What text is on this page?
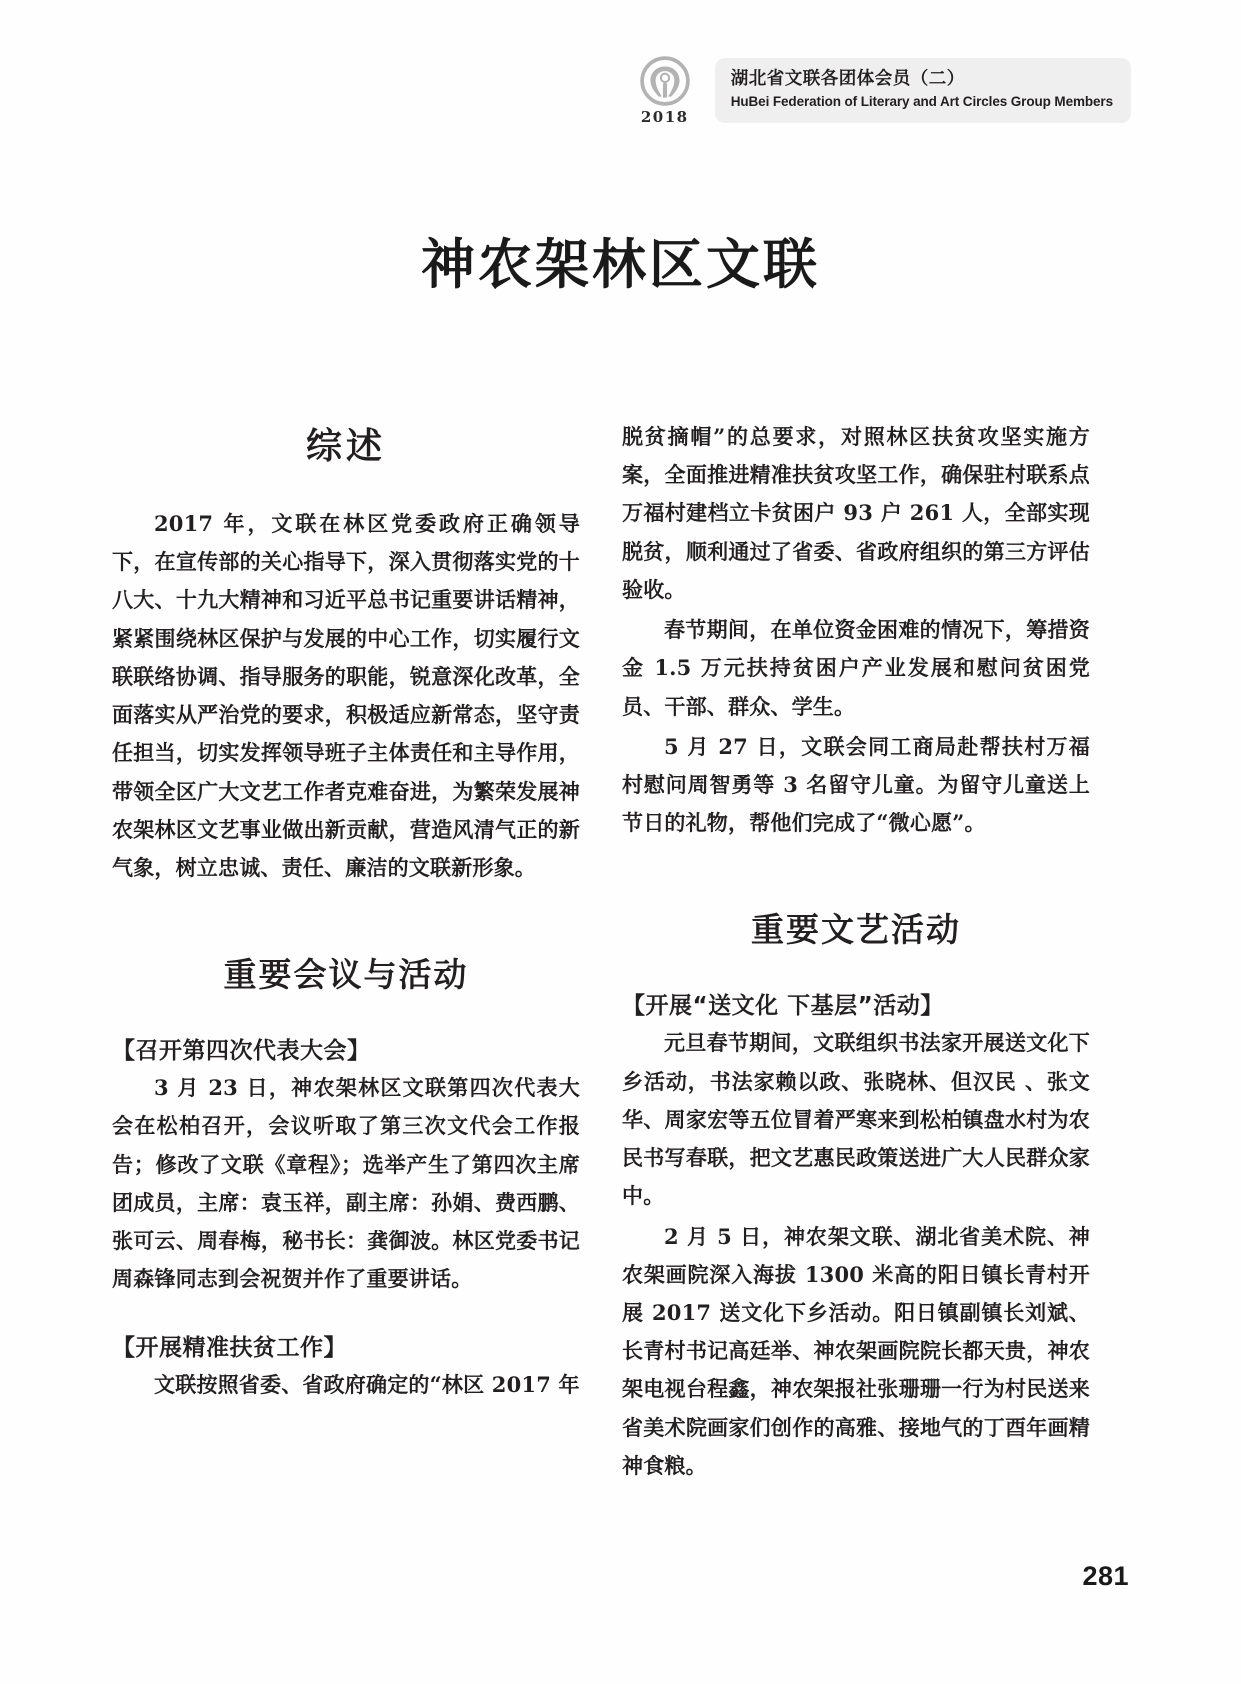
2018
湖北省文联各团体会员（二）
HuBei Federation of Literary and Art Circles Group Members
神农架林区文联
综述

2017 年，文联在林区党委政府正确领导下，在宣传部的关心指导下，深入贯彻落实党的十八大、十九大精神和习近平总书记重要讲话精神，紧紧围绕林区保护与发展的中心工作，切实履行文联联络协调、指导服务的职能，锐意深化改革，全面落实从严治党的要求，积极适应新常态，坚守责任担当，切实发挥领导班子主体责任和主导作用，带领全区广大文艺工作者克难奋进，为繁荣发展神农架林区文艺事业做出新贡献，营造风清气正的新气象，树立忠诚、责任、廉洁的文联新形象。

重要会议与活动
【召开第四次代表大会】

3 月 23 日，神农架林区文联第四次代表大会在松柏召开，会议听取了第三次文代会工作报告；修改了文联《章程》；选举产生了第四次主席团成员，主席：袁玉祥，副主席：孙娟、费西鹏、张可云、周春梅，秘书长：龚御波。林区党委书记周森锋同志到会祝贺并作了重要讲话。

【开展精准扶贫工作】

文联按照省委、省政府确定的“林区 2017 年

脱贫摘帽”的总要求，对照林区扶贫攻坚实施方案，全面推进精准扶贫攻坚工作，确保驻村联系点万福村建档立卡贫困户 93 户 261 人，全部实现脱贫，顺利通过了省委、省政府组织的第三方评估验收。

春节期间，在单位资金困难的情况下，筹措资金 1.5 万元扶持贫困户产业发展和慰问贫困党员、干部、群众、学生。

5 月 27 日，文联会同工商局赴帮扶村万福村慰问周智勇等 3 名留守儿童。为留守儿童送上节日的礼物，帮他们完成了“微心愿”。

重要文艺活动
【开展“送文化 下基层”活动】

元旦春节期间，文联组织书法家开展送文化下乡活动，书法家赖以政、张晓林、但汉民 、张文华、周家宏等五位冒着严寒来到松柏镇盘水村为农民书写春联，把文艺惠民政策送进广大人民群众家中。

2 月 5 日，神农架文联、湖北省美术院、神农架画院深入海拔 1300 米高的阳日镇长青村开展 2017 送文化下乡活动。阳日镇副镇长刘斌、长青村书记高廷举、神农架画院院长都天贵，神农架电视台程鑫，神农架报社张珊珊一行为村民送来省美术院画家们创作的高雅、接地气的丁酉年画精神食粮。

281
